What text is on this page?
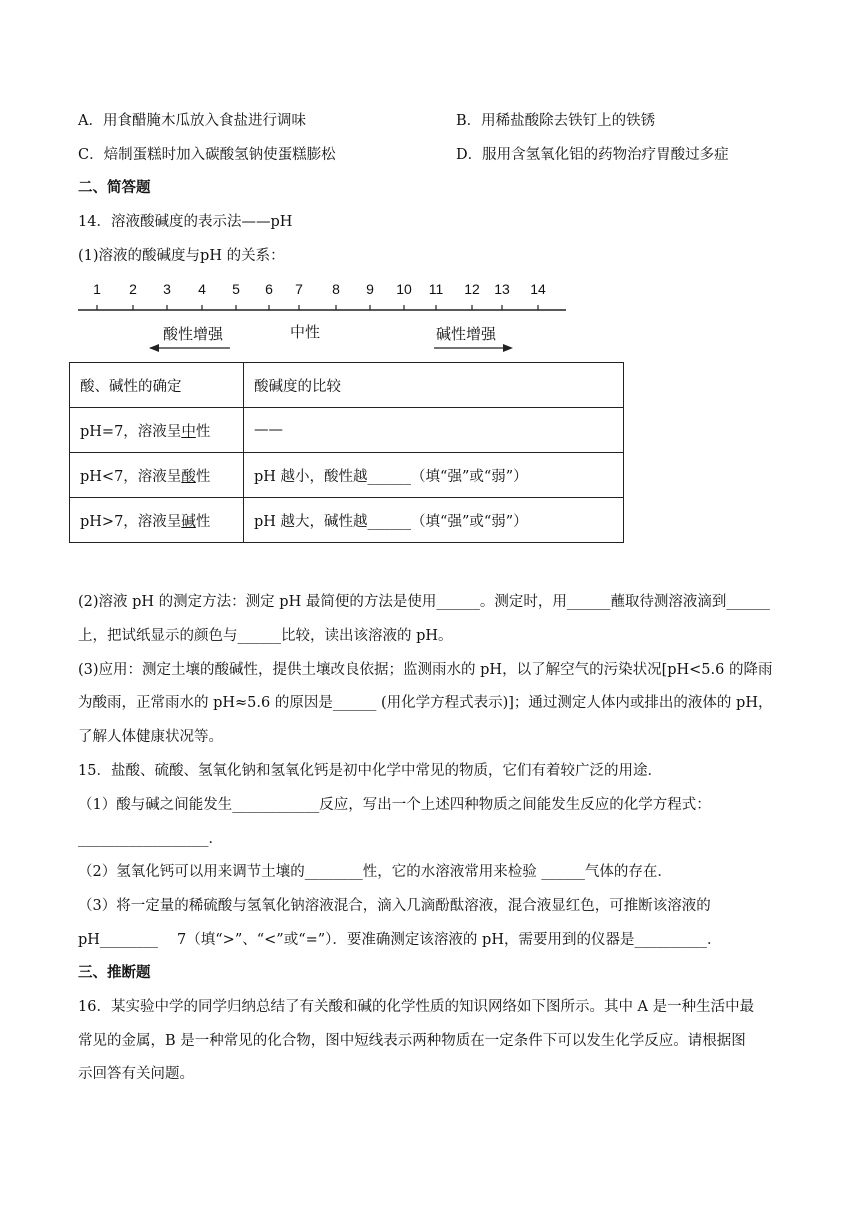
A．用食醋腌木瓜放入食盐进行调味	B．用稀盐酸除去铁钉上的铁锈
C．焙制蛋糕时加入碳酸氢钠使蛋糕膨松	D．服用含氢氧化铝的药物治疗胃酸过多症
二、简答题
14．溶液酸碱度的表示法——pH
(1)溶液的酸碱度与pH 的关系：
1 2 3 4 5 6 7 8 9 10 11 12 13 14
酸性增强	中性	碱性增强
酸、碱性的确定	酸碱度的比较
pH=7，溶液呈中性	——
pH<7，溶液呈酸性	pH 越小，酸性越______（填“强”或“弱”）
pH>7，溶液呈碱性	pH 越大，碱性越______（填“强”或“弱”）
(2)溶液 pH 的测定方法：测定 pH 最简便的方法是使用______。测定时，用______蘸取待测溶液滴到______
上，把试纸显示的颜色与______比较，读出该溶液的 pH。
(3)应用：测定土壤的酸碱性，提供土壤改良依据；监测雨水的 pH，以了解空气的污染状况[pH<5.6 的降雨
为酸雨，正常雨水的 pH≈5.6 的原因是______ (用化学方程式表示)]；通过测定人体内或排出的液体的 pH，
了解人体健康状况等。
15．盐酸、硫酸、氢氧化钠和氢氧化钙是初中化学中常见的物质，它们有着较广泛的用途．
（1）酸与碱之间能发生____________反应，写出一个上述四种物质之间能发生反应的化学方程式：
__________________．
（2）氢氧化钙可以用来调节土壤的________性，它的水溶液常用来检验 ______气体的存在．
（3）将一定量的稀硫酸与氢氧化钠溶液混合，滴入几滴酚酞溶液，混合液显红色，可推断该溶液的
pH________　 7（填“>”、“<”或“=”）．要准确测定该溶液的 pH，需要用到的仪器是__________．
三、推断题
16．某实验中学的同学归纳总结了有关酸和碱的化学性质的知识网络如下图所示。其中 A 是一种生活中最
常见的金属，B 是一种常见的化合物，图中短线表示两种物质在一定条件下可以发生化学反应。请根据图
示回答有关问题。
